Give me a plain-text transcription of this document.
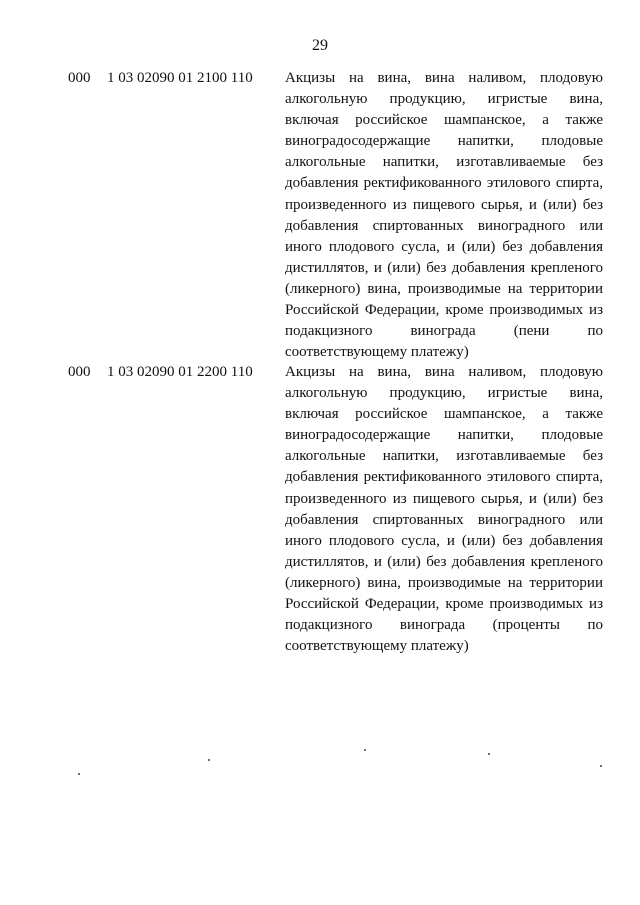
29
000 1 03 02090 01 2100 110 Акцизы на вина, вина наливом, плодовую алкогольную продукцию, игристые вина, включая российское шампанское, а также виноградосодержащие напитки, плодовые алкогольные напитки, изготавливаемые без добавления ректификованного этилового спирта, произведенного из пищевого сырья, и (или) без добавления спиртованных виноградного или иного плодового сусла, и (или) без добавления дистиллятов, и (или) без добавления крепленого (ликерного) вина, производимые на территории Российской Федерации, кроме производимых из подакцизного винограда (пени по соответствующему платежу)
000 1 03 02090 01 2200 110 Акцизы на вина, вина наливом, плодовую алкогольную продукцию, игристые вина, включая российское шампанское, а также виноградосодержащие напитки, плодовые алкогольные напитки, изготавливаемые без добавления ректификованного этилового спирта, произведенного из пищевого сырья, и (или) без добавления спиртованных виноградного или иного плодового сусла, и (или) без добавления дистиллятов, и (или) без добавления крепленого (ликерного) вина, производимые на территории Российской Федерации, кроме производимых из подакцизного винограда (проценты по соответствующему платежу)
